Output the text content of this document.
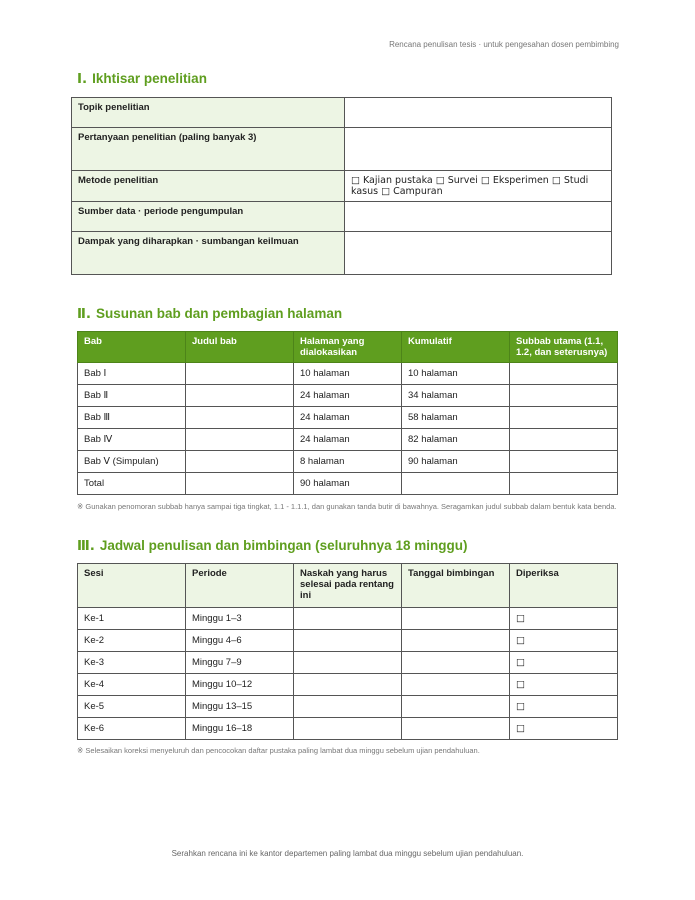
Rencana penulisan tesis · untuk pengesahan dosen pembimbing
Ⅰ. Ikhtisar penelitian
Topik penelitian	
Pertanyaan penelitian (paling banyak 3)	
Metode penelitian	□ Kajian pustaka □ Survei □ Eksperimen □ Studi kasus □ Campuran
Sumber data · periode pengumpulan	
Dampak yang diharapkan · sumbangan keilmuan	
Ⅱ. Susunan bab dan pembagian halaman
Bab	Judul bab	Halaman yang dialokasikan	Kumulatif	Subbab utama (1.1, 1.2, dan seterusnya)
Bab Ⅰ		10 halaman	10 halaman	
Bab Ⅱ		24 halaman	34 halaman	
Bab Ⅲ		24 halaman	58 halaman	
Bab Ⅳ		24 halaman	82 halaman	
Bab Ⅴ (Simpulan)		8 halaman	90 halaman	
Total		90 halaman		

※ Gunakan penomoran subbab hanya sampai tiga tingkat, 1.1 - 1.1.1, dan gunakan tanda butir di bawahnya. Seragamkan judul subbab dalam bentuk kata benda.

Ⅲ. Jadwal penulisan dan bimbingan (seluruhnya 18 minggu)
Sesi	Periode	Naskah yang harus selesai pada rentang ini	Tanggal bimbingan	Diperiksa
Ke-1	Minggu 1–3			□
Ke-2	Minggu 4–6			□
Ke-3	Minggu 7–9			□
Ke-4	Minggu 10–12			□
Ke-5	Minggu 13–15			□
Ke-6	Minggu 16–18			□

※ Selesaikan koreksi menyeluruh dan pencocokan daftar pustaka paling lambat dua minggu sebelum ujian pendahuluan.

Serahkan rencana ini ke kantor departemen paling lambat dua minggu sebelum ujian pendahuluan.
